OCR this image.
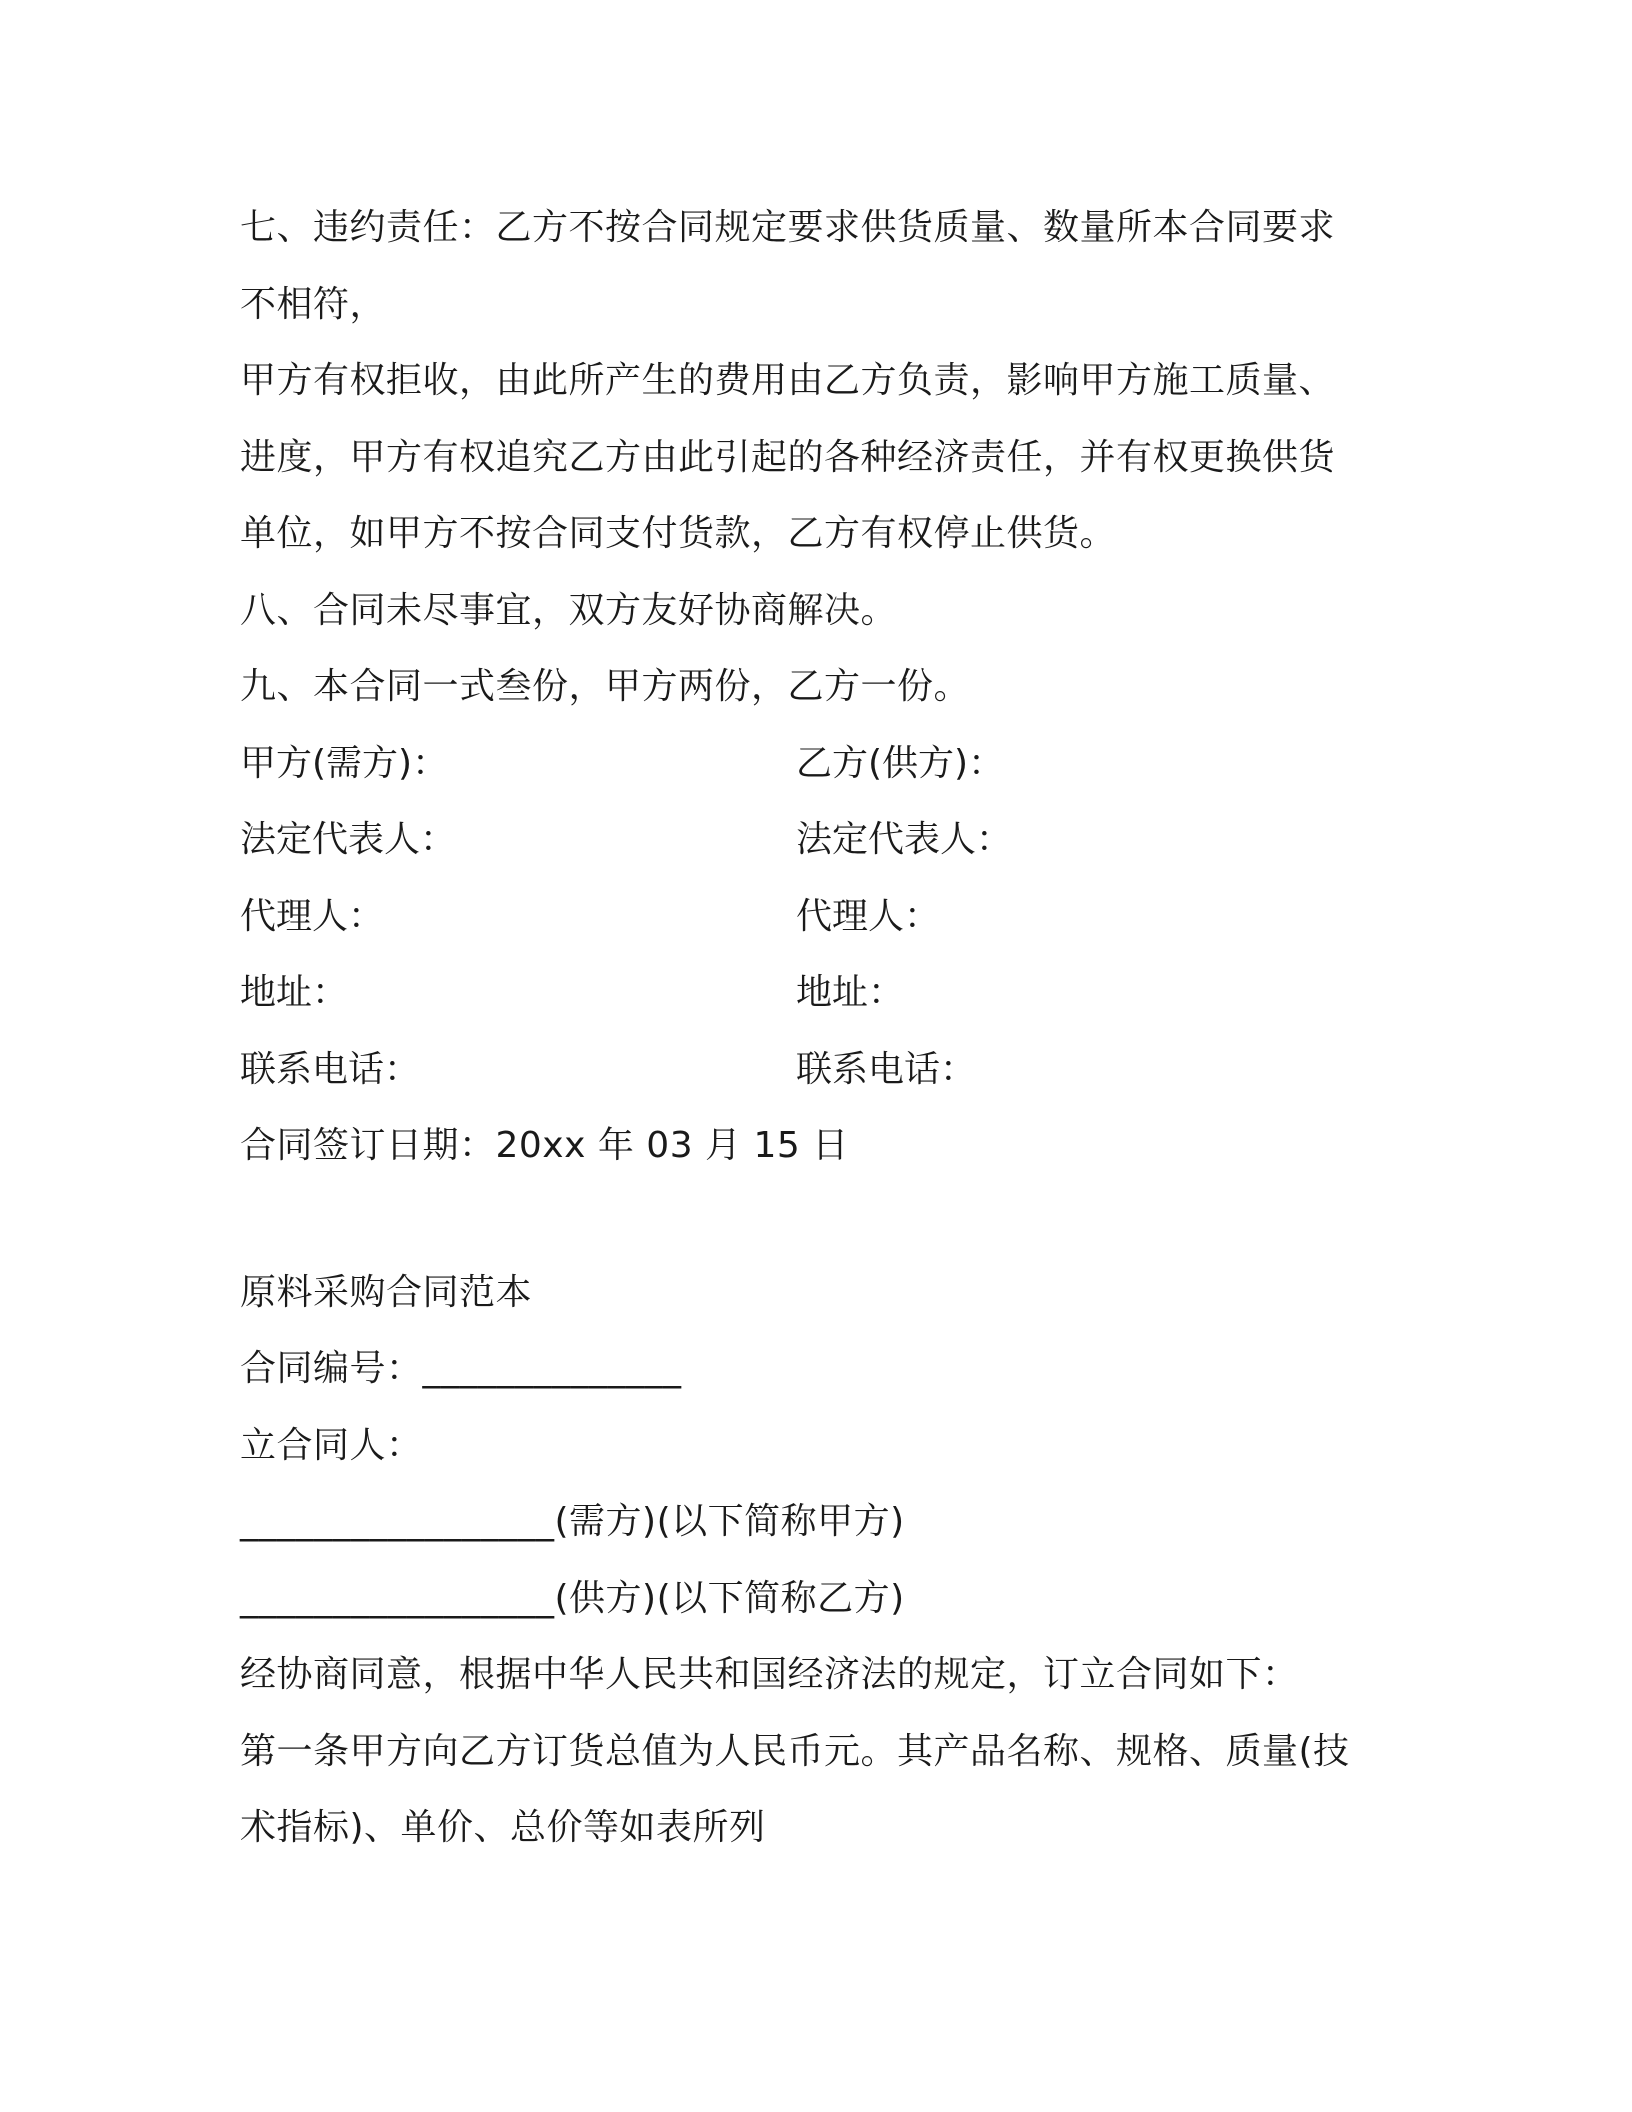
七、违约责任：乙方不按合同规定要求供货质量、数量所本合同要求
不相符，
甲方有权拒收，由此所产生的费用由乙方负责，影响甲方施工质量、
进度，甲方有权追究乙方由此引起的各种经济责任，并有权更换供货
单位，如甲方不按合同支付货款，乙方有权停止供货。
八、合同未尽事宜，双方友好协商解决。
九、本合同一式叁份，甲方两份，乙方一份。
甲方(需方)：	乙方(供方)：
法定代表人：	法定代表人：
代理人：	代理人：
地址：	地址：
联系电话：	联系电话：
合同签订日期：20xx 年 03 月 15 日
原料采购合同范本
合同编号：______________
立合同人：
_________________(需方)(以下简称甲方)
_________________(供方)(以下简称乙方)
经协商同意，根据中华人民共和国经济法的规定，订立合同如下：
第一条甲方向乙方订货总值为人民币元。其产品名称、规格、质量(技
术指标)、单价、总价等如表所列
